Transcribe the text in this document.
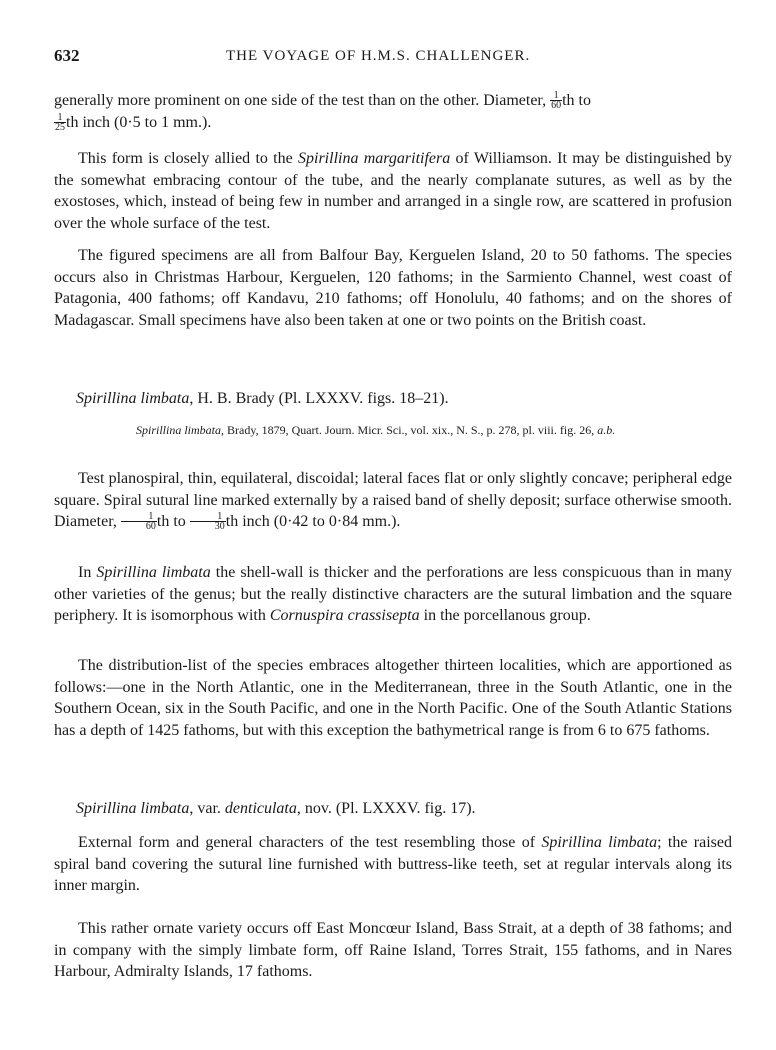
632	THE VOYAGE OF H.M.S. CHALLENGER.

generally more prominent on one side of the test than on the other. Diameter, $\frac{1}{60}$ th to

$\frac{1}{25}$ th inch (0·5 to 1 mm.).

This form is closely allied to the Spirillina margaritifera of Williamson. It may be distinguished by the somewhat embracing contour of the tube, and the nearly complanate sutures, as well as by the exostoses, which, instead of being few in number and arranged in a single row, are scattered in profusion over the whole surface of the test.

The figured specimens are all from Balfour Bay, Kerguelen Island, 20 to 50 fathoms. The species occurs also in Christmas Harbour, Kerguelen, 120 fathoms; in the Sarmiento Channel, west coast of Patagonia, 400 fathoms; off Kandavu, 210 fathoms; off Honolulu, 40 fathoms; and on the shores of Madagascar. Small specimens have also been taken at one or two points on the British coast.

Spirillina limbata, H. B. Brady (Pl. LXXXV. figs. 18–21).
Spirillina limbata, Brady, 1879, Quart. Journ. Micr. Sci., vol. xix., N. S., p. 278, pl. viii. fig. 26, a.b.

Test planospiral, thin, equilateral, discoidal; lateral faces flat or only slightly concave; peripheral edge square. Spiral sutural line marked externally by a raised band of shelly deposit; surface otherwise smooth. Diameter, $\frac{1}{60}$ th to $\frac{1}{30}$ th inch (0·42 to 0·84 mm.).

In Spirillina limbata the shell-wall is thicker and the perforations are less conspicuous than in many other varieties of the genus; but the really distinctive characters are the sutural limbation and the square periphery. It is isomorphous with Cornuspira crassisepta in the porcellanous group.

The distribution-list of the species embraces altogether thirteen localities, which are apportioned as follows:—one in the North Atlantic, one in the Mediterranean, three in the South Atlantic, one in the Southern Ocean, six in the South Pacific, and one in the North Pacific. One of the South Atlantic Stations has a depth of 1425 fathoms, but with this exception the bathymetrical range is from 6 to 675 fathoms.

Spirillina limbata, var. denticulata, nov. (Pl. LXXXV. fig. 17).

External form and general characters of the test resembling those of Spirillina limbata; the raised spiral band covering the sutural line furnished with buttress-like teeth, set at regular intervals along its inner margin.

This rather ornate variety occurs off East Moncœur Island, Bass Strait, at a depth of 38 fathoms; and in company with the simply limbate form, off Raine Island, Torres Strait, 155 fathoms, and in Nares Harbour, Admiralty Islands, 17 fathoms.
